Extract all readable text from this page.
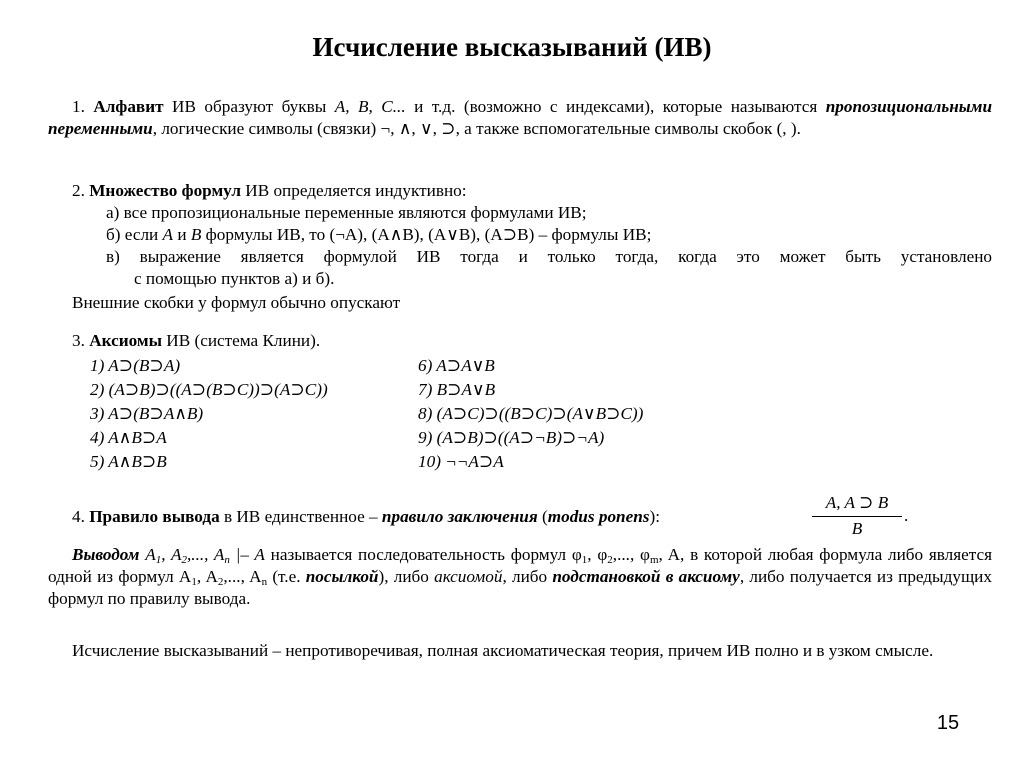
Исчисление высказываний (ИВ)

1. Алфавит ИВ образуют буквы A, B, C... и т.д. (возможно с индексами), которые называются пропозициональными переменными, логические символы (связки) ¬, ∧, ∨, ⊃, а также вспомогательные символы скобок (, ).

2. Множество формул ИВ определяется индуктивно:
а) все пропозициональные переменные являются формулами ИВ;
б) если A и B формулы ИВ, то (¬A), (A∧B), (A∨B), (A⊃B) – формулы ИВ;
в) выражение является формулой ИВ тогда и только тогда, когда это может быть установлено
с помощью пунктов а) и б).
Внешние скобки у формул обычно опускают
3. Аксиомы ИВ (система Клини).
1) A⊃(B⊃A)
2) (A⊃B)⊃((A⊃(B⊃C))⊃(A⊃C))
3) A⊃(B⊃A∧B)
4) A∧B⊃A
5) A∧B⊃B
6) A⊃A∨B
7) B⊃A∨B
8) (A⊃C)⊃((B⊃C)⊃(A∨B⊃C))
9) (A⊃B)⊃((A⊃¬B)⊃¬A)
10) ¬¬A⊃A
4. Правило вывода в ИВ единственное – правило заключения (modus ponens):	$\frac{A, A ⊃ B}{B}$ .

Выводом $A_1$, $A_2$,..., $A_n$ |– A называется последовательность формул $\varphi_1$, $\varphi_2$,..., $\varphi_m$, A, в которой любая формула либо является одной из формул $A_1$, $A_2$,..., $A_n$ (т.е. посылкой), либо аксиомой, либо подстановкой в аксиому, либо получается из предыдущих формул по правилу вывода.

Исчисление высказываний – непротиворечивая, полная аксиоматическая теория, причем ИВ полно и в узком смысле.

15
